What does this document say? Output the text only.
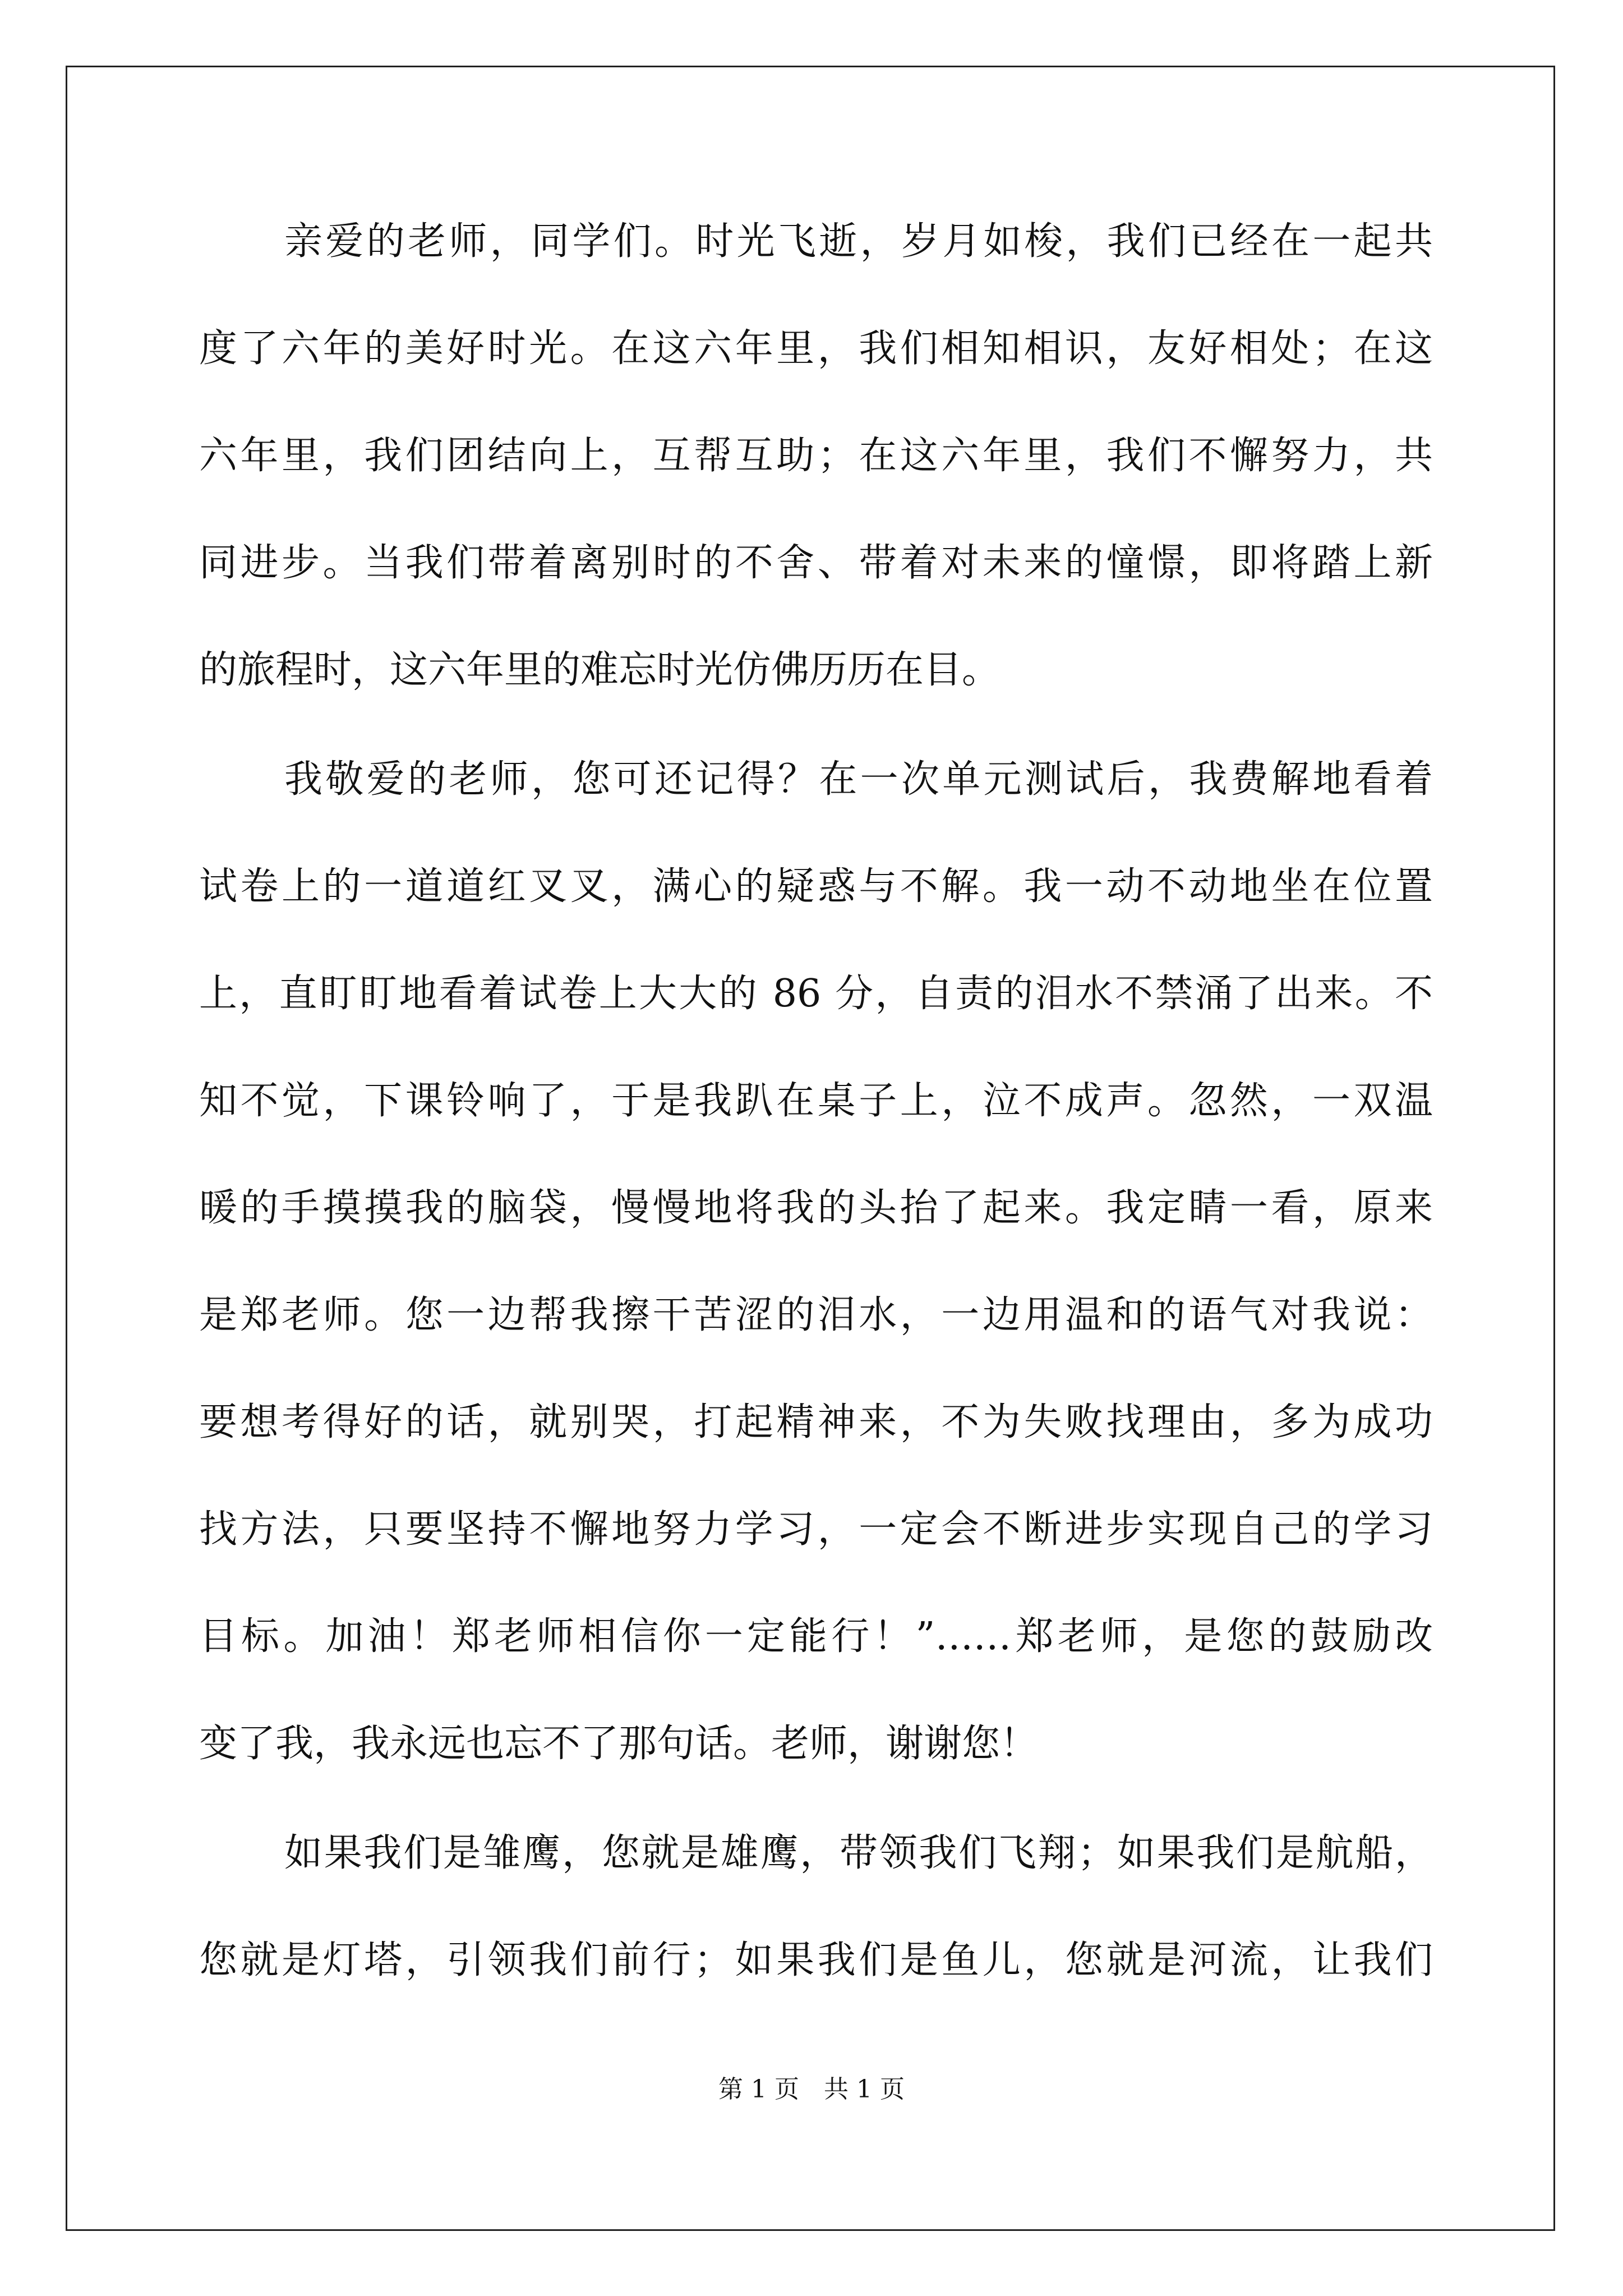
亲爱的老师，同学们。时光飞逝，岁月如梭，我们已经在一起共
度了六年的美好时光。在这六年里，我们相知相识，友好相处；在这
六年里，我们团结向上，互帮互助；在这六年里，我们不懈努力，共
同进步。当我们带着离别时的不舍、带着对未来的憧憬，即将踏上新
的旅程时，这六年里的难忘时光仿佛历历在目。
我敬爱的老师，您可还记得？在一次单元测试后，我费解地看着
试卷上的一道道红叉叉，满心的疑惑与不解。我一动不动地坐在位置
上，直盯盯地看着试卷上大大的 86 分，自责的泪水不禁涌了出来。不
知不觉，下课铃响了，于是我趴在桌子上，泣不成声。忽然，一双温
暖的手摸摸我的脑袋，慢慢地将我的头抬了起来。我定睛一看，原来
是郑老师。您一边帮我擦干苦涩的泪水，一边用温和的语气对我说：
要想考得好的话，就别哭，打起精神来，不为失败找理由，多为成功
找方法，只要坚持不懈地努力学习，一定会不断进步实现自己的学习
目标。加油！郑老师相信你一定能行！”……郑老师，是您的鼓励改
变了我，我永远也忘不了那句话。老师，谢谢您！
如果我们是雏鹰，您就是雄鹰，带领我们飞翔；如果我们是航船，
您就是灯塔，引领我们前行；如果我们是鱼儿，您就是河流，让我们
第 1 页　共 1 页
